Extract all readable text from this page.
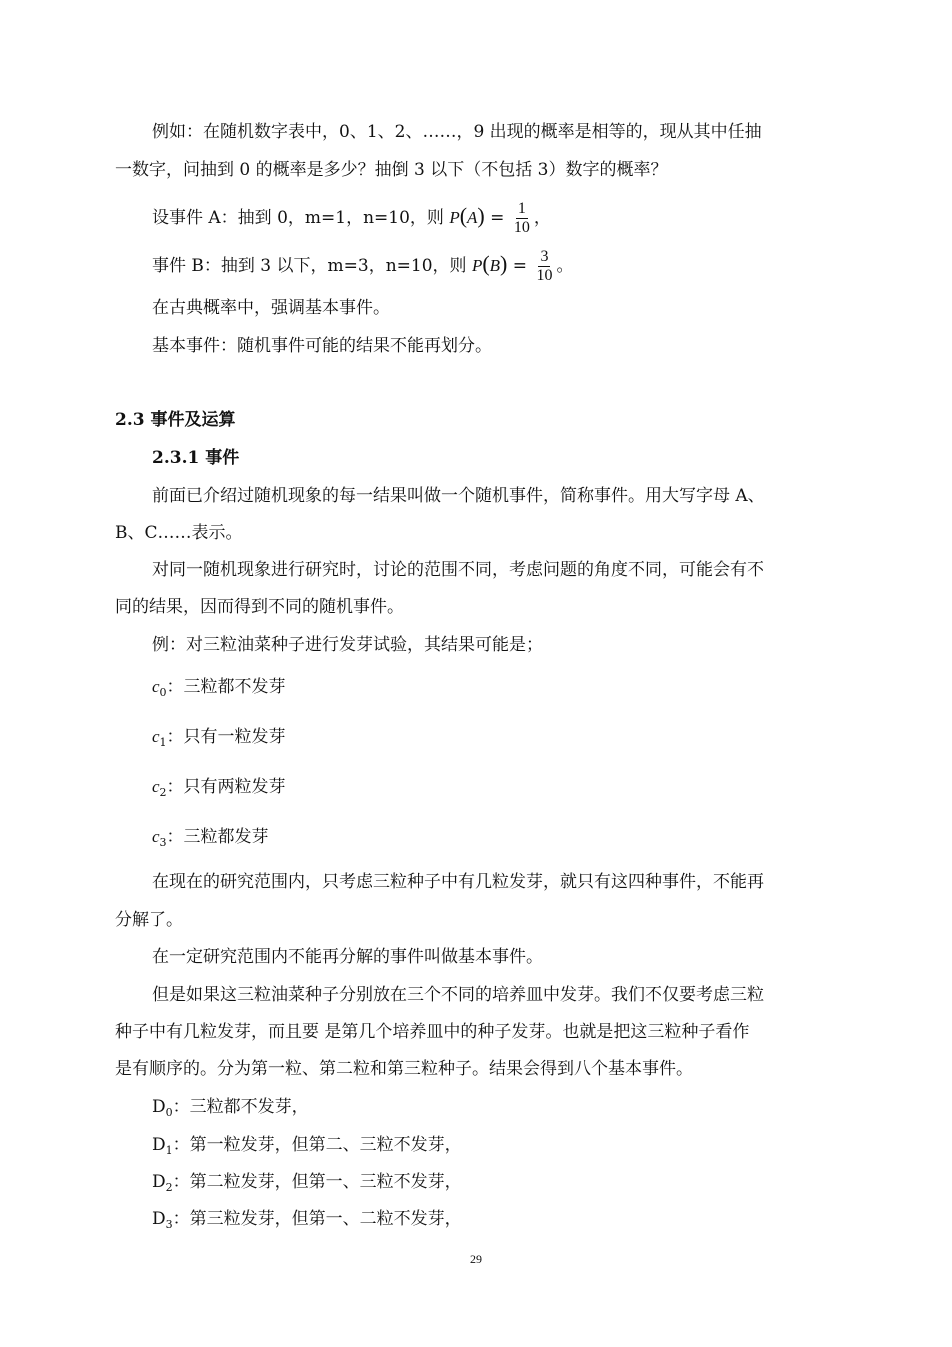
例如：在随机数字表中，0、1、2、……，9 出现的概率是相等的，现从其中任抽
一数字，问抽到 0 的概率是多少？抽倒 3 以下（不包括 3）数字的概率？
设事件 A：抽到 0，m=1，n=10，则 $P(A) = \frac{1}{10}$ ，
事件 B：抽到 3 以下，m=3，n=10，则 $P(B) = \frac{3}{10}$ 。
在古典概率中，强调基本事件。
基本事件：随机事件可能的结果不能再划分。
2.3 事件及运算
2.3.1 事件
前面已介绍过随机现象的每一结果叫做一个随机事件，简称事件。用大写字母 A、
B、C……表示。
对同一随机现象进行研究时，讨论的范围不同，考虑问题的角度不同，可能会有不
同的结果，因而得到不同的随机事件。
例：对三粒油菜种子进行发芽试验，其结果可能是；
$c_0$：三粒都不发芽
$c_1$：只有一粒发芽
$c_2$：只有两粒发芽
$c_3$：三粒都发芽
在现在的研究范围内，只考虑三粒种子中有几粒发芽，就只有这四种事件，不能再
分解了。
在一定研究范围内不能再分解的事件叫做基本事件。
但是如果这三粒油菜种子分别放在三个不同的培养皿中发芽。我们不仅要考虑三粒
种子中有几粒发芽，而且要 是第几个培养皿中的种子发芽。也就是把这三粒种子看作
是有顺序的。分为第一粒、第二粒和第三粒种子。结果会得到八个基本事件。
$D_0$：三粒都不发芽，
$D_1$：第一粒发芽，但第二、三粒不发芽，
$D_2$：第二粒发芽，但第一、三粒不发芽，
$D_3$：第三粒发芽，但第一、二粒不发芽，
29
